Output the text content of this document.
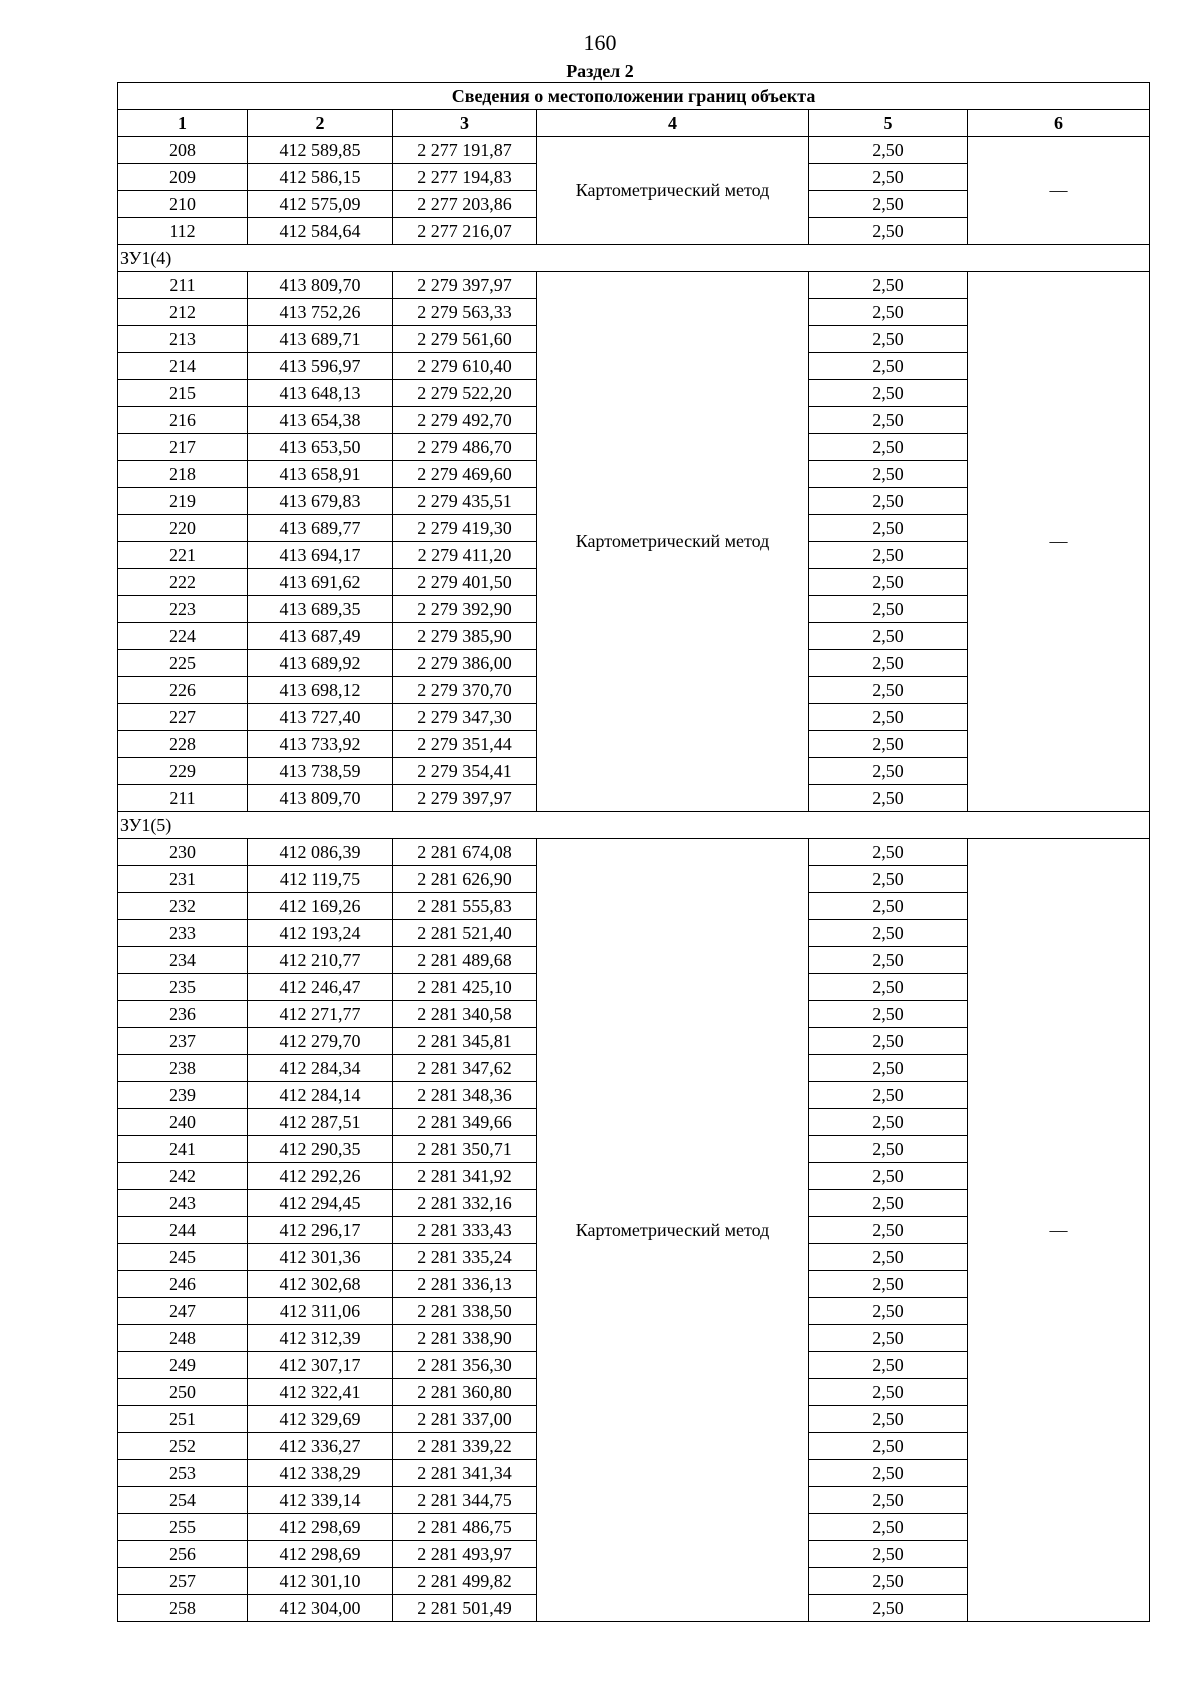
160
Раздел 2
Сведения о местоположении границ объекта					
1	2	3	4	5	6
208	412 589,85	2 277 191,87	Картометрический метод	2,50	—
209	412 586,15	2 277 194,83		2,50	
210	412 575,09	2 277 203,86		2,50	
112	412 584,64	2 277 216,07		2,50	
ЗУ1(4)					
211	413 809,70	2 279 397,97	Картометрический метод	2,50	—
212	413 752,26	2 279 563,33		2,50	
213	413 689,71	2 279 561,60		2,50	
214	413 596,97	2 279 610,40		2,50	
215	413 648,13	2 279 522,20		2,50	
216	413 654,38	2 279 492,70		2,50	
217	413 653,50	2 279 486,70		2,50	
218	413 658,91	2 279 469,60		2,50	
219	413 679,83	2 279 435,51		2,50	
220	413 689,77	2 279 419,30		2,50	
221	413 694,17	2 279 411,20		2,50	
222	413 691,62	2 279 401,50		2,50	
223	413 689,35	2 279 392,90		2,50	
224	413 687,49	2 279 385,90		2,50	
225	413 689,92	2 279 386,00		2,50	
226	413 698,12	2 279 370,70		2,50	
227	413 727,40	2 279 347,30		2,50	
228	413 733,92	2 279 351,44		2,50	
229	413 738,59	2 279 354,41		2,50	
211	413 809,70	2 279 397,97		2,50	
ЗУ1(5)					
230	412 086,39	2 281 674,08	Картометрический метод	2,50	—
231	412 119,75	2 281 626,90		2,50	
232	412 169,26	2 281 555,83		2,50	
233	412 193,24	2 281 521,40		2,50	
234	412 210,77	2 281 489,68		2,50	
235	412 246,47	2 281 425,10		2,50	
236	412 271,77	2 281 340,58		2,50	
237	412 279,70	2 281 345,81		2,50	
238	412 284,34	2 281 347,62		2,50	
239	412 284,14	2 281 348,36		2,50	
240	412 287,51	2 281 349,66		2,50	
241	412 290,35	2 281 350,71		2,50	
242	412 292,26	2 281 341,92		2,50	
243	412 294,45	2 281 332,16		2,50	
244	412 296,17	2 281 333,43		2,50	
245	412 301,36	2 281 335,24		2,50	
246	412 302,68	2 281 336,13		2,50	
247	412 311,06	2 281 338,50		2,50	
248	412 312,39	2 281 338,90		2,50	
249	412 307,17	2 281 356,30		2,50	
250	412 322,41	2 281 360,80		2,50	
251	412 329,69	2 281 337,00		2,50	
252	412 336,27	2 281 339,22		2,50	
253	412 338,29	2 281 341,34		2,50	
254	412 339,14	2 281 344,75		2,50	
255	412 298,69	2 281 486,75		2,50	
256	412 298,69	2 281 493,97		2,50	
257	412 301,10	2 281 499,82		2,50	
258	412 304,00	2 281 501,49		2,50	
